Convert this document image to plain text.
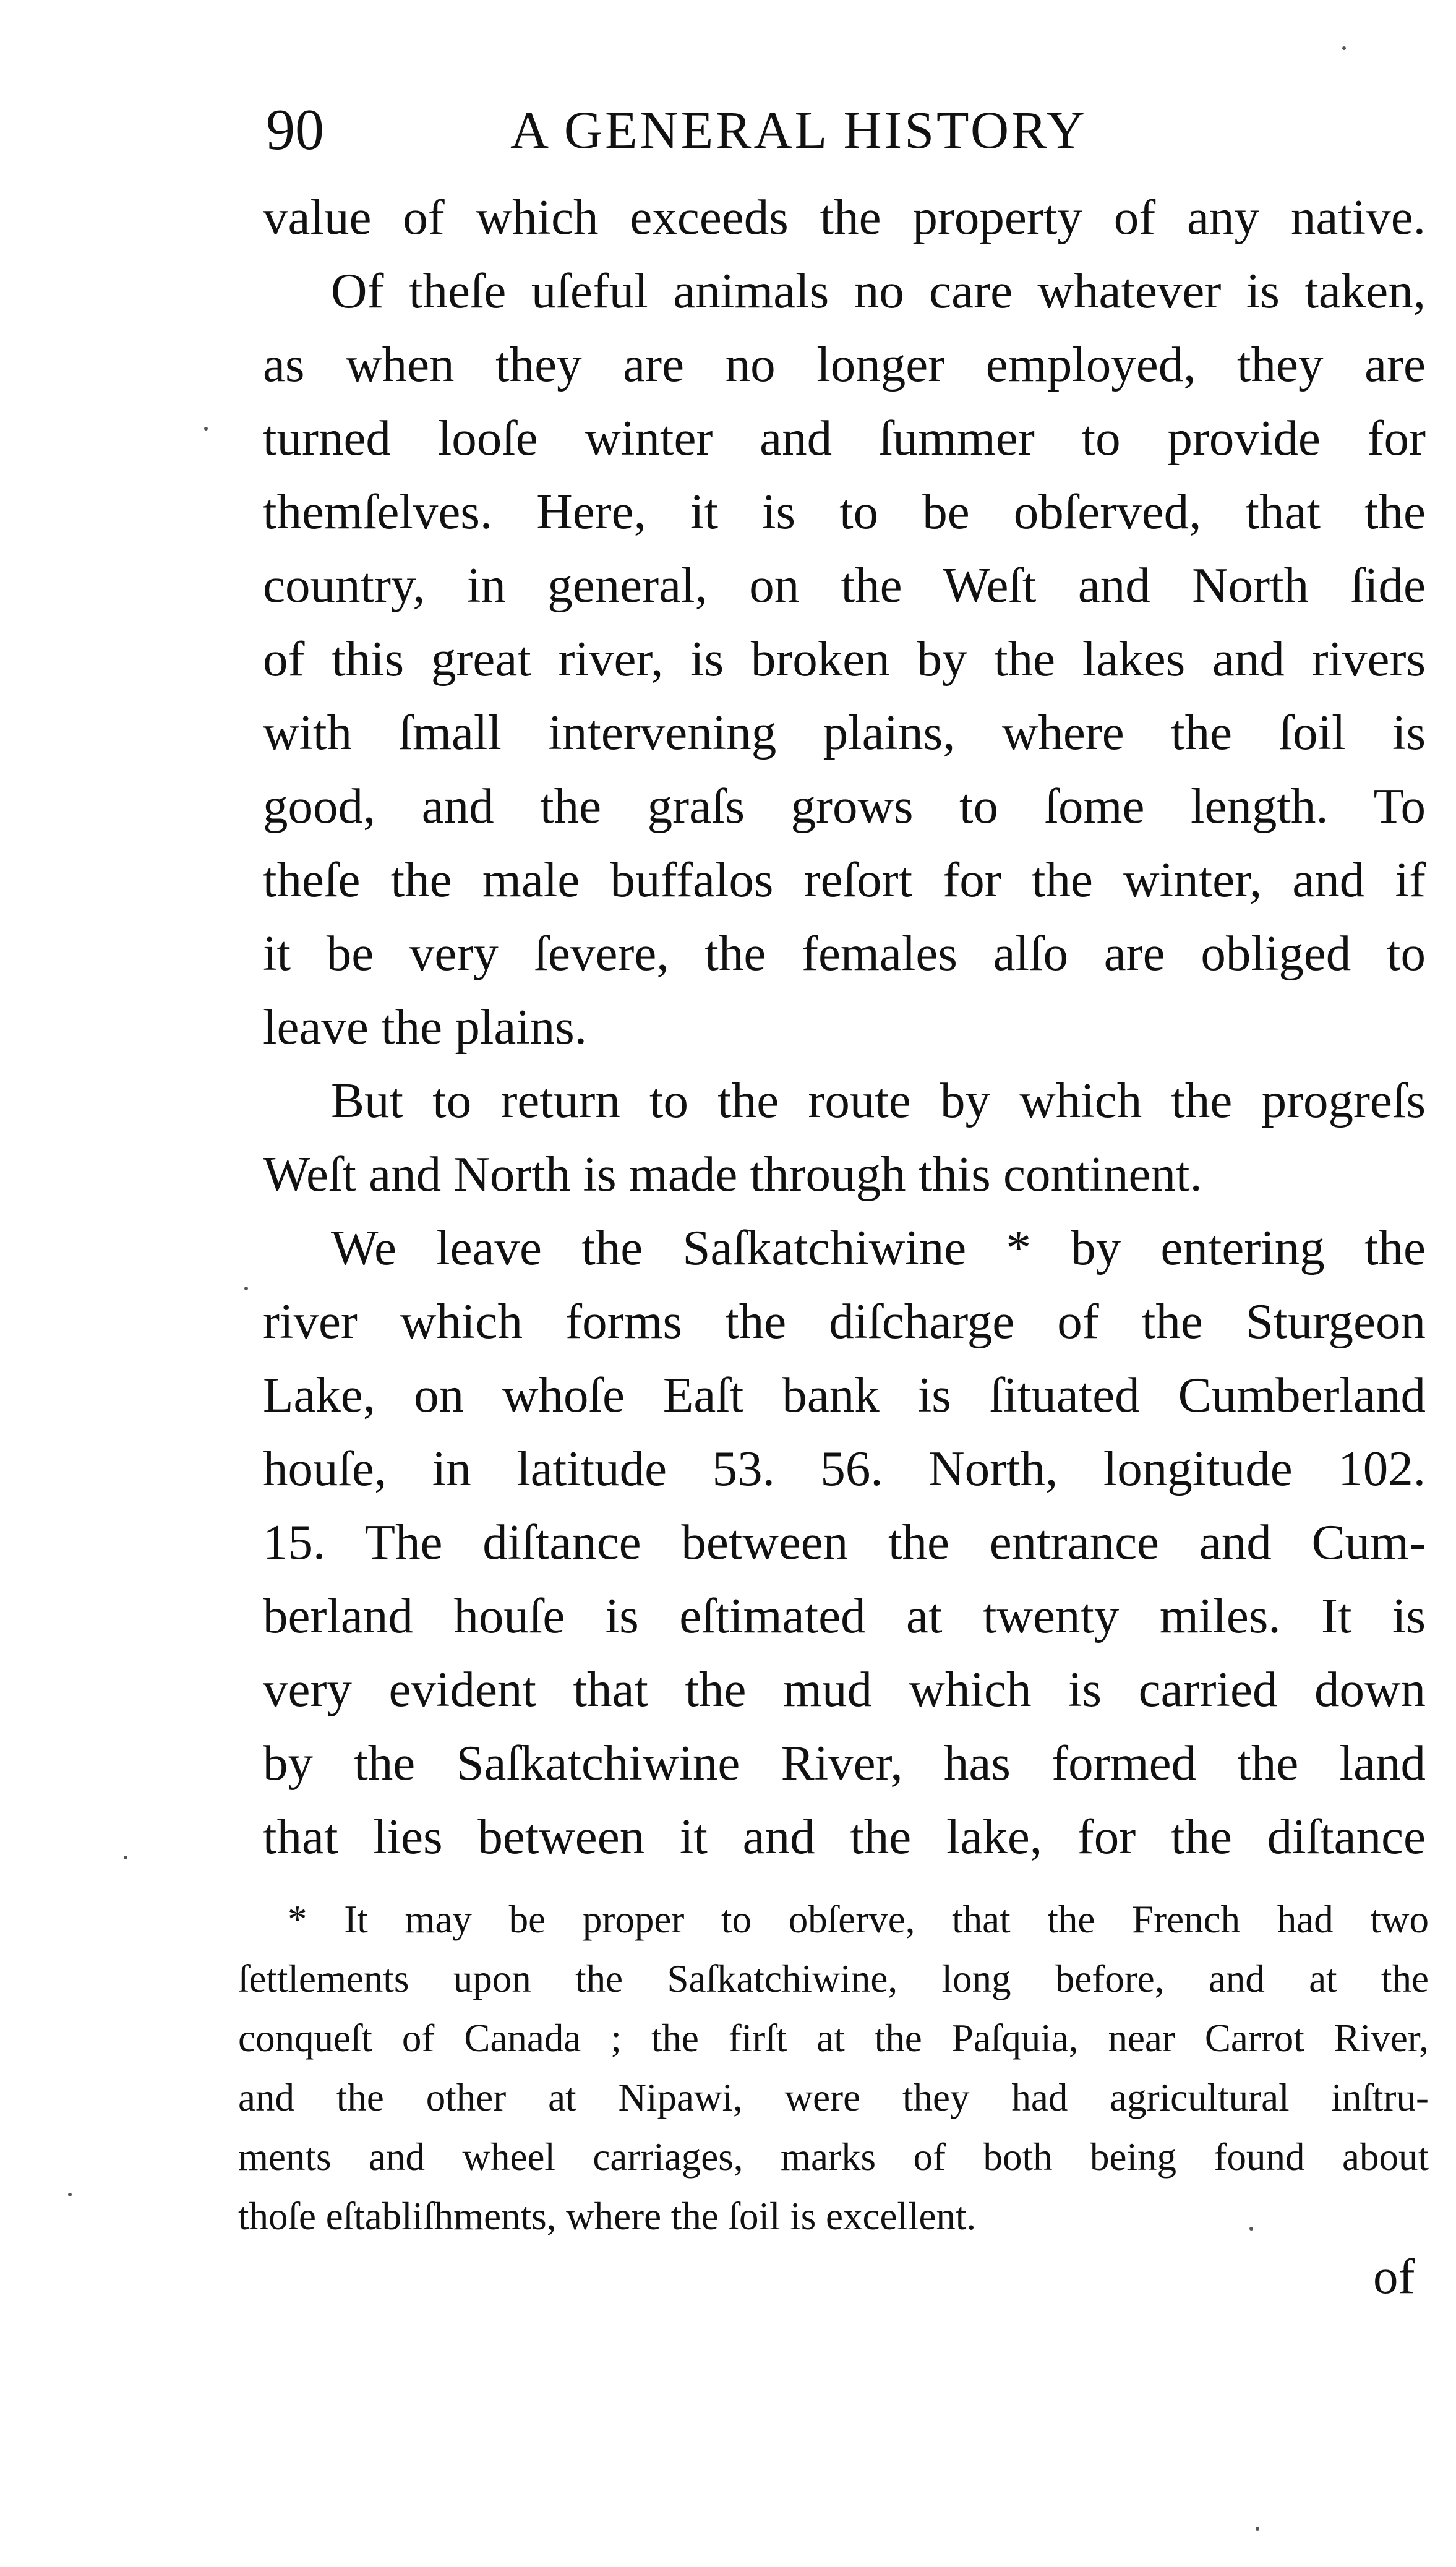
90	A GENERAL HISTORY
value of which exceeds the property of any native.
Of theſe uſeful animals no care whatever is taken,
as when they are no longer employed, they are
turned looſe winter and ſummer to provide for
themſelves. Here, it is to be obſerved, that the
country, in general, on the Weſt and North ſide
of this great river, is broken by the lakes and rivers
with ſmall intervening plains, where the ſoil is
good, and the graſs grows to ſome length. To
theſe the male buffalos reſort for the winter, and if
it be very ſevere, the females alſo are obliged to
leave the plains.
But to return to the route by which the progreſs
Weſt and North is made through this continent.
We leave the Saſkatchiwine * by entering the
river which forms the diſcharge of the Sturgeon
Lake, on whoſe Eaſt bank is ſituated Cumberland
houſe, in latitude 53. 56. North, longitude 102.
15. The diſtance between the entrance and Cum-
berland houſe is eſtimated at twenty miles. It is
very evident that the mud which is carried down
by the Saſkatchiwine River, has formed the land
that lies between it and the lake, for the diſtance
* It may be proper to obſerve, that the French had two
ſettlements upon the Saſkatchiwine, long before, and at the
conqueſt of Canada ; the firſt at the Paſquia, near Carrot River,
and the other at Nipawi, were they had agricultural inſtru-
ments and wheel carriages, marks of both being found about
thoſe eſtabliſhments, where the ſoil is excellent.
of
